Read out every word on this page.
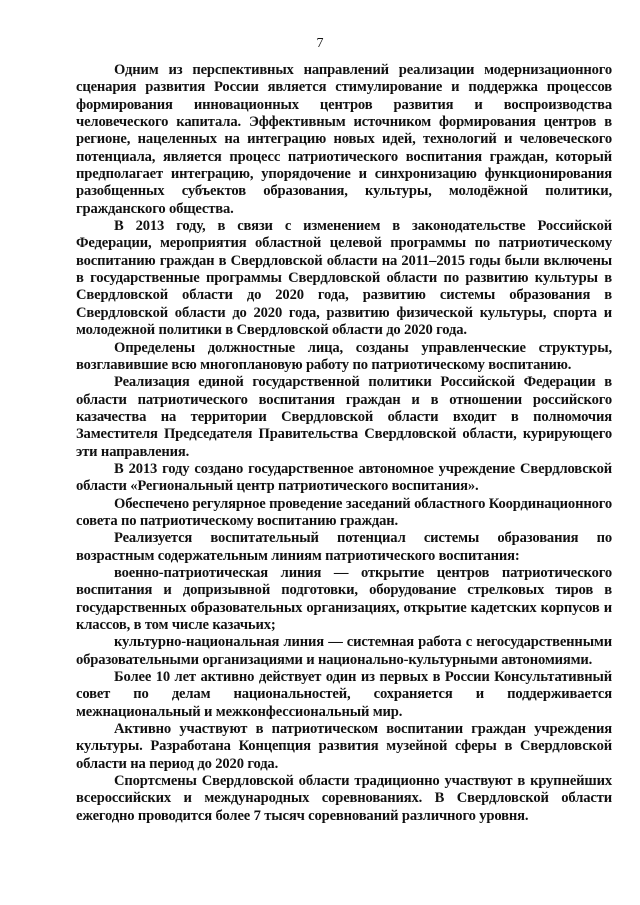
7

Одним из перспективных направлений реализации модернизационного сценария развития России является стимулирование и поддержка процессов формирования инновационных центров развития и воспроизводства человеческого капитала. Эффективным источником формирования центров в регионе, нацеленных на интеграцию новых идей, технологий и человеческого потенциала, является процесс патриотического воспитания граждан, который предполагает интеграцию, упорядочение и синхронизацию функционирования разобщенных субъектов образования, культуры, молодёжной политики, гражданского общества.

В 2013 году, в связи с изменением в законодательстве Российской Федерации, мероприятия областной целевой программы по патриотическому воспитанию граждан в Свердловской области на 2011–2015 годы были включены в государственные программы Свердловской области по развитию культуры в Свердловской области до 2020 года, развитию системы образования в Свердловской области до 2020 года, развитию физической культуры, спорта и молодежной политики в Свердловской области до 2020 года.

Определены должностные лица, созданы управленческие структуры, возглавившие всю многоплановую работу по патриотическому воспитанию.

Реализация единой государственной политики Российской Федерации в области патриотического воспитания граждан и в отношении российского казачества на территории Свердловской области входит в полномочия Заместителя Председателя Правительства Свердловской области, курирующего эти направления.

В 2013 году создано государственное автономное учреждение Свердловской области «Региональный центр патриотического воспитания».

Обеспечено регулярное проведение заседаний областного Координационного совета по патриотическому воспитанию граждан.

Реализуется воспитательный потенциал системы образования по возрастным содержательным линиям патриотического воспитания:

военно-патриотическая линия — открытие центров патриотического воспитания и допризывной подготовки, оборудование стрелковых тиров в государственных образовательных организациях, открытие кадетских корпусов и классов, в том числе казачьих;

культурно-национальная линия — системная работа с негосударственными образовательными организациями и национально-культурными автономиями.

Более 10 лет активно действует один из первых в России Консультативный совет по делам национальностей, сохраняется и поддерживается межнациональный и межконфессиональный мир.

Активно участвуют в патриотическом воспитании граждан учреждения культуры. Разработана Концепция развития музейной сферы в Свердловской области на период до 2020 года.

Спортсмены Свердловской области традиционно участвуют в крупнейших всероссийских и международных соревнованиях. В Свердловской области ежегодно проводится более 7 тысяч соревнований различного уровня.
